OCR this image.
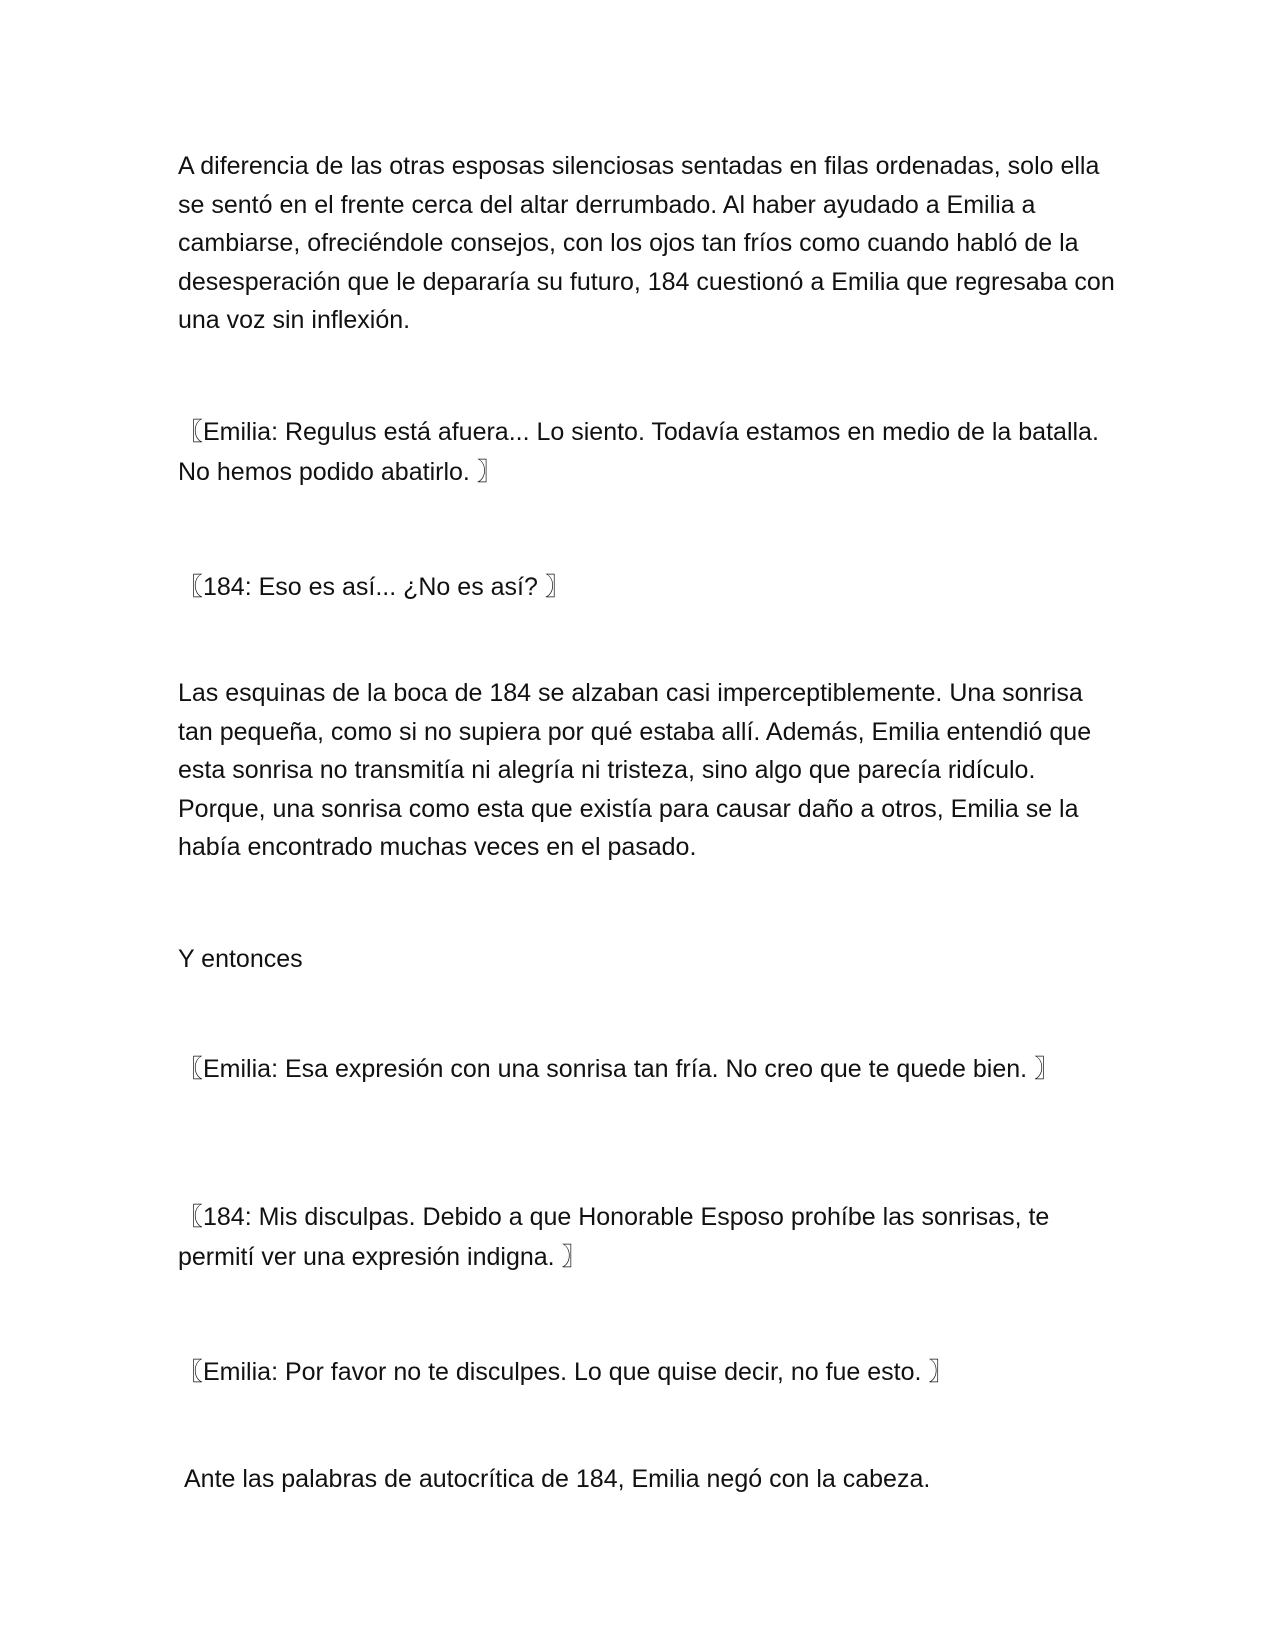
A diferencia de las otras esposas silenciosas sentadas en filas ordenadas, solo ella se sentó en el frente cerca del altar derrumbado. Al haber ayudado a Emilia a cambiarse, ofreciéndole consejos, con los ojos tan fríos como cuando habló de la desesperación que le depararía su futuro, 184 cuestionó a Emilia que regresaba con una voz sin inflexión.

〖Emilia: Regulus está afuera... Lo siento. Todavía estamos en medio de la batalla. No hemos podido abatirlo. 〗

〖184: Eso es así... ¿No es así? 〗

Las esquinas de la boca de 184 se alzaban casi imperceptiblemente. Una sonrisa tan pequeña, como si no supiera por qué estaba allí. Además, Emilia entendió que esta sonrisa no transmitía ni alegría ni tristeza, sino algo que parecía ridículo. Porque, una sonrisa como esta que existía para causar daño a otros, Emilia se la había encontrado muchas veces en el pasado.

Y entonces

〖Emilia: Esa expresión con una sonrisa tan fría. No creo que te quede bien. 〗

〖184: Mis disculpas. Debido a que Honorable Esposo prohíbe las sonrisas, te permití ver una expresión indigna. 〗

〖Emilia: Por favor no te disculpes. Lo que quise decir, no fue esto. 〗

Ante las palabras de autocrítica de 184, Emilia negó con la cabeza.
